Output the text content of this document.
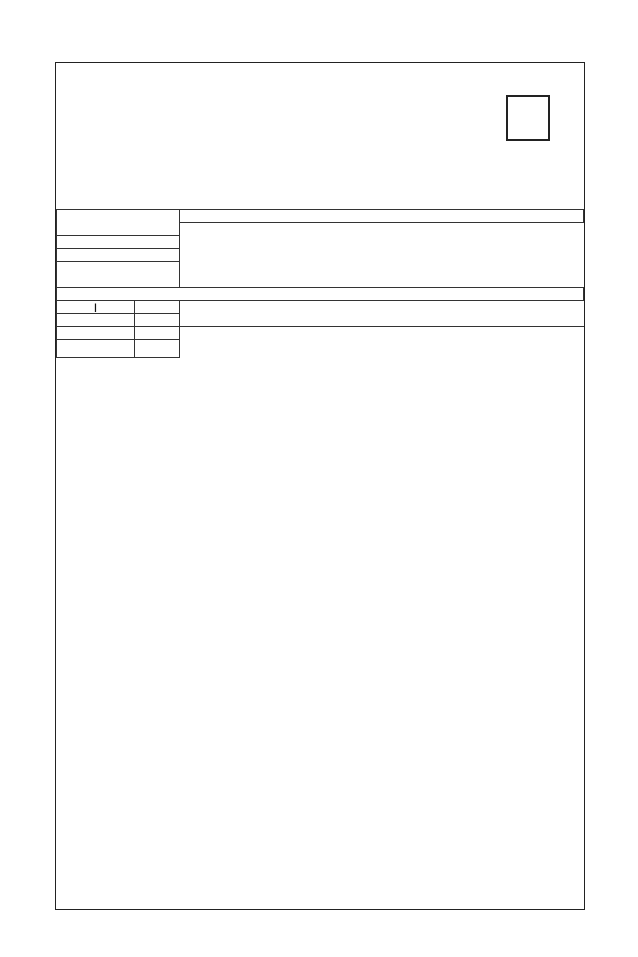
|		
